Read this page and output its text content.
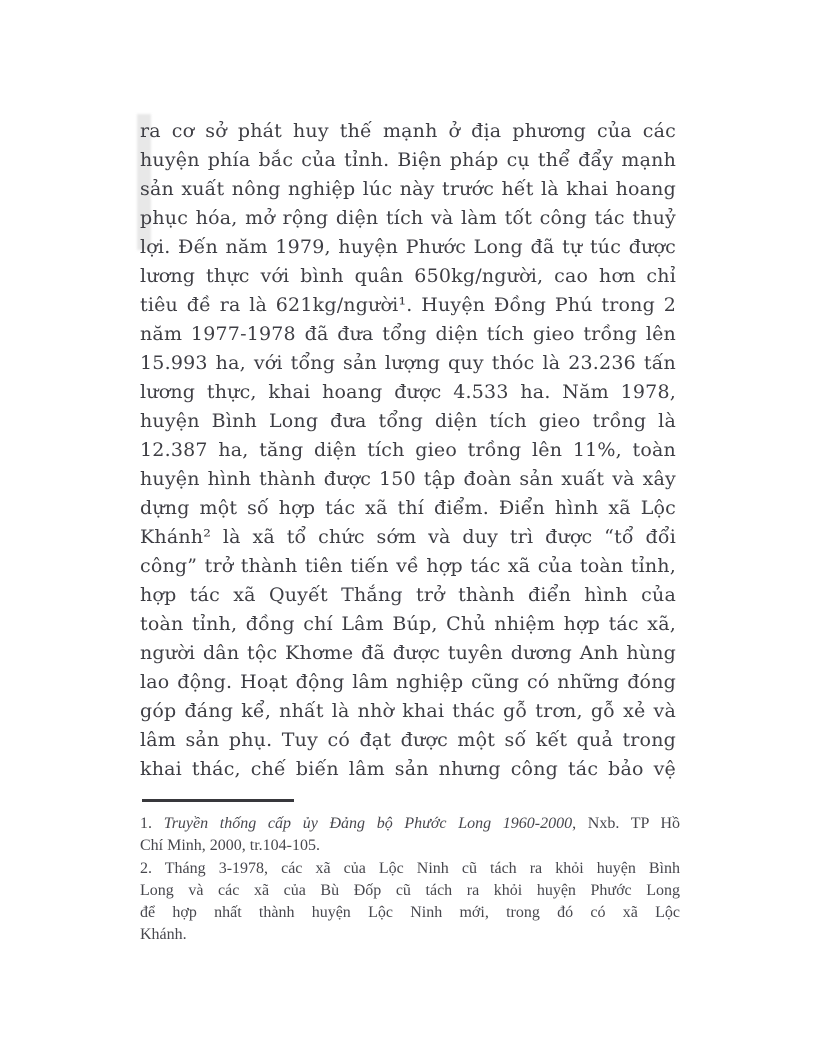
ra cơ sở phát huy thế mạnh ở địa phương của các

huyện phía bắc của tỉnh. Biện pháp cụ thể đẩy mạnh

sản xuất nông nghiệp lúc này trước hết là khai hoang

phục hóa, mở rộng diện tích và làm tốt công tác thuỷ

lợi. Đến năm 1979, huyện Phước Long đã tự túc được

lương thực với bình quân 650kg/người, cao hơn chỉ

tiêu đề ra là 621kg/người¹. Huyện Đồng Phú trong 2

năm 1977-1978 đã đưa tổng diện tích gieo trồng lên

15.993 ha, với tổng sản lượng quy thóc là 23.236 tấn

lương thực, khai hoang được 4.533 ha. Năm 1978,

huyện Bình Long đưa tổng diện tích gieo trồng là

12.387 ha, tăng diện tích gieo trồng lên 11%, toàn

huyện hình thành được 150 tập đoàn sản xuất và xây

dựng một số hợp tác xã thí điểm. Điển hình xã Lộc

Khánh² là xã tổ chức sớm và duy trì được “tổ đổi

công” trở thành tiên tiến về hợp tác xã của toàn tỉnh,

hợp tác xã Quyết Thắng trở thành điển hình của

toàn tỉnh, đồng chí Lâm Búp, Chủ nhiệm hợp tác xã,

người dân tộc Khơme đã được tuyên dương Anh hùng

lao động. Hoạt động lâm nghiệp cũng có những đóng

góp đáng kể, nhất là nhờ khai thác gỗ trơn, gỗ xẻ và

lâm sản phụ. Tuy có đạt được một số kết quả trong

khai thác, chế biến lâm sản nhưng công tác bảo vệ

1. Truyền thống cấp ủy Đảng bộ Phước Long 1960-2000, Nxb. TP Hồ

Chí Minh, 2000, tr.104-105.

2. Tháng 3-1978, các xã của Lộc Ninh cũ tách ra khỏi huyện Bình

Long và các xã của Bù Đốp cũ tách ra khỏi huyện Phước Long

để hợp nhất thành huyện Lộc Ninh mới, trong đó có xã Lộc

Khánh.
